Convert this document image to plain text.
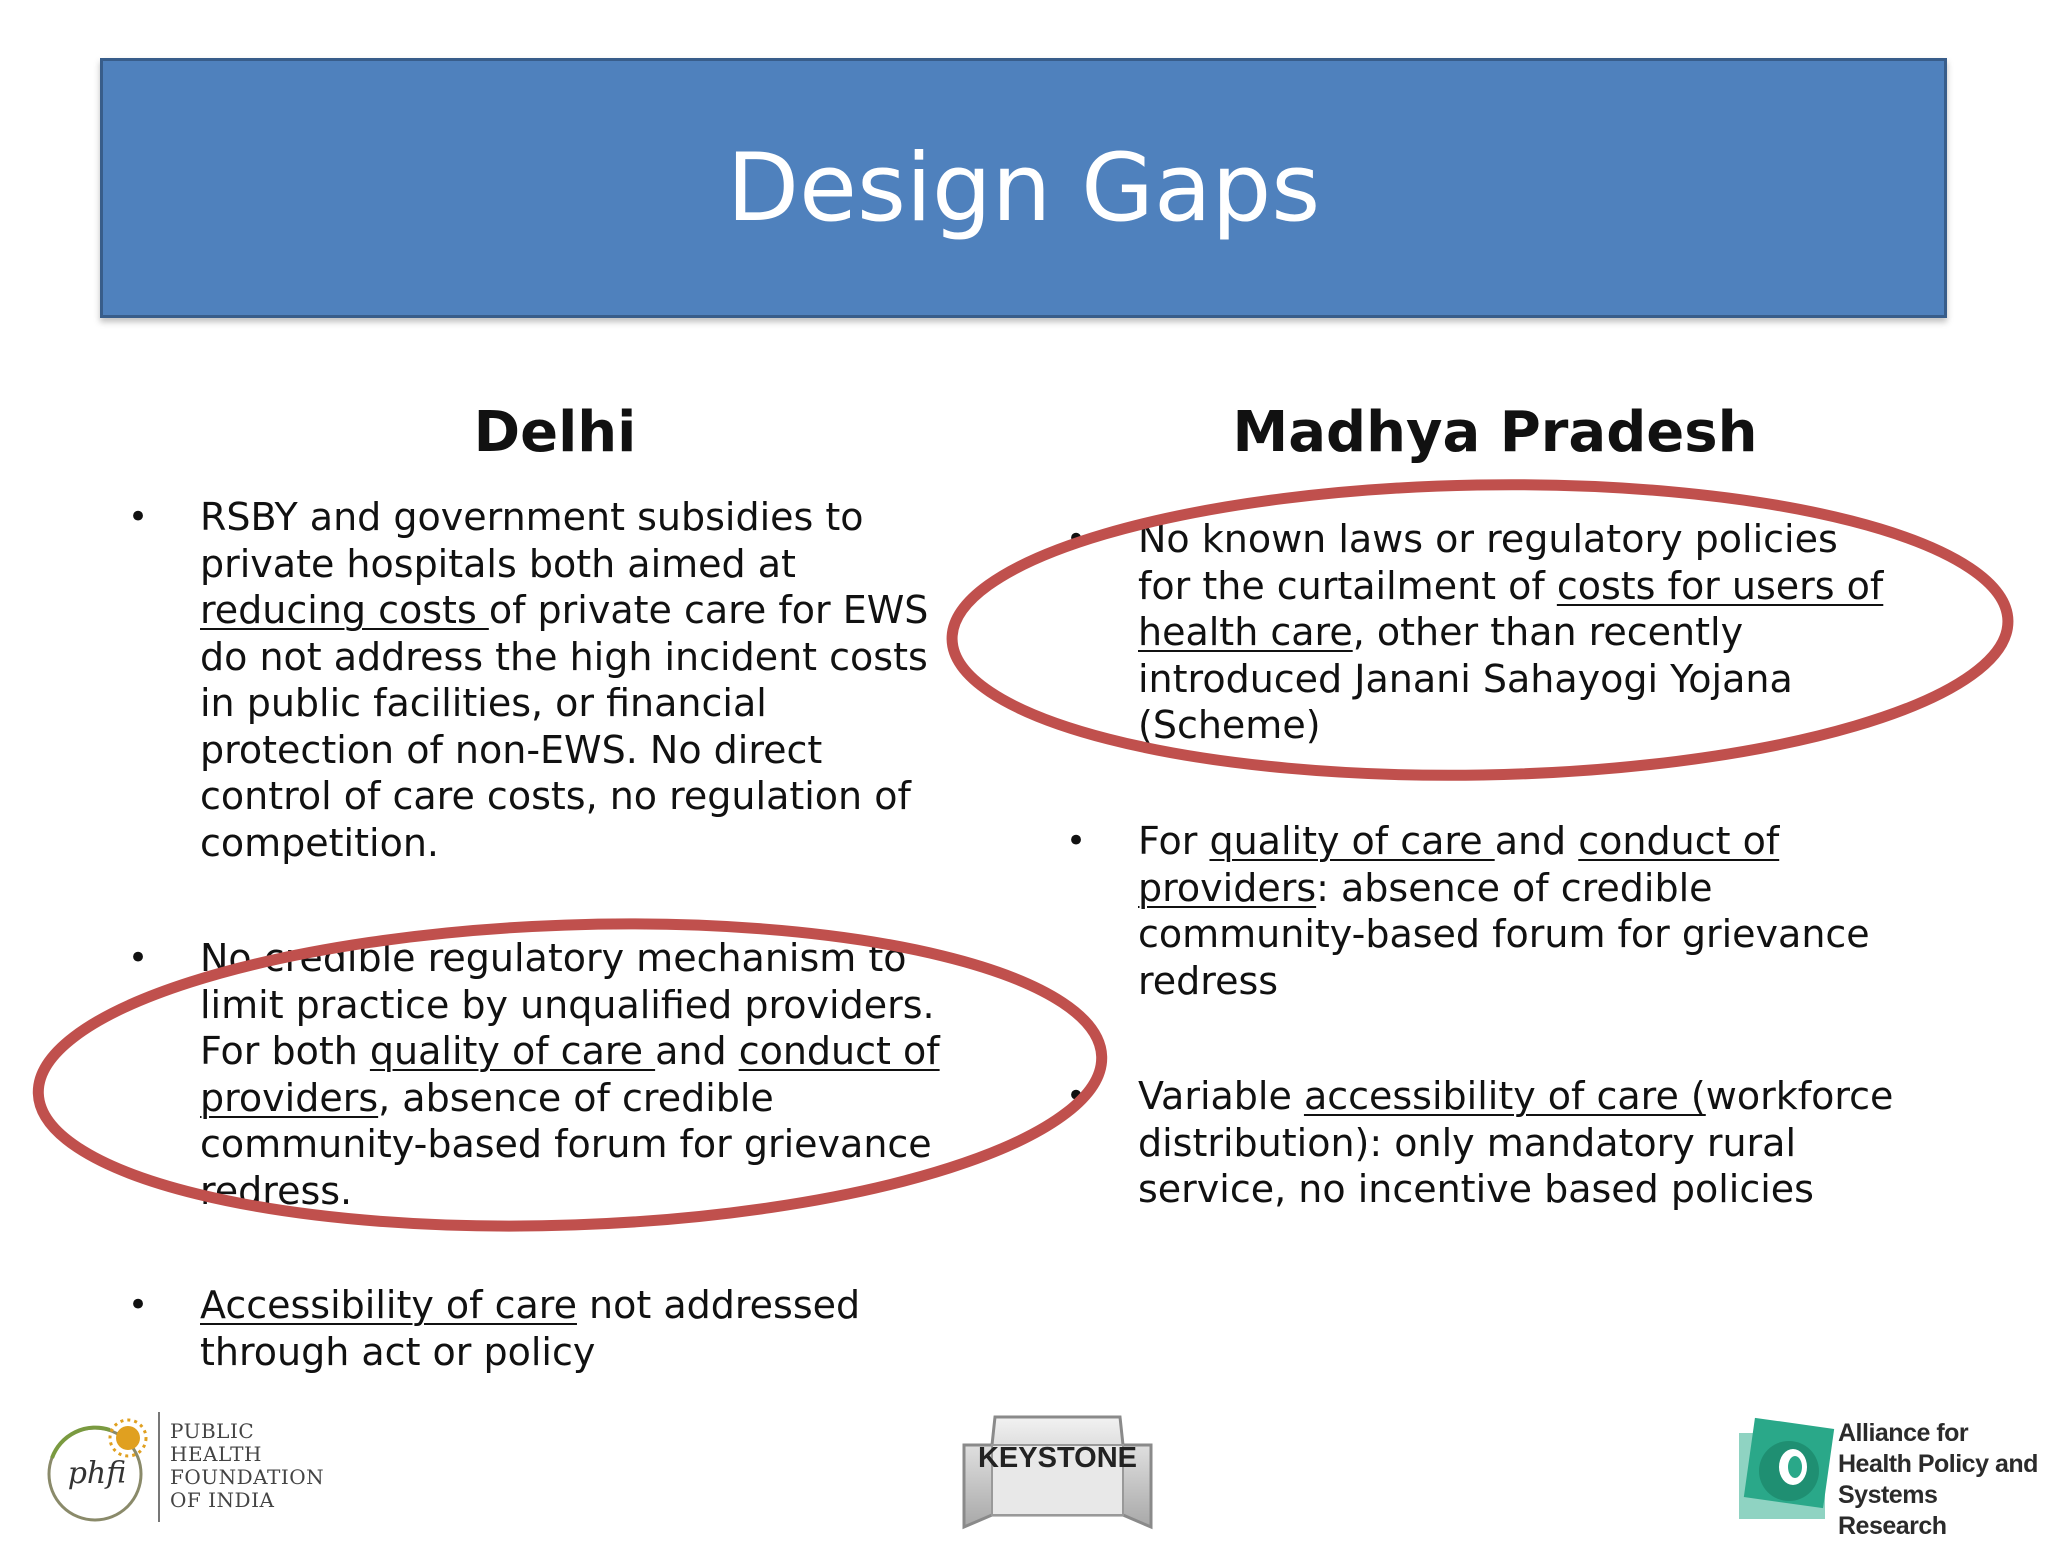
Design Gaps
Delhi	Madhya Pradesh
• RSBY and government subsidies to
private hospitals both aimed at
reducing costs of private care for EWS
do not address the high incident costs
in public facilities, or financial
protection of non-EWS. No direct
control of care costs, no regulation of
competition.
• No credible regulatory mechanism to
limit practice by unqualified providers.
For both quality of care and conduct of
providers, absence of credible
community-based forum for grievance
redress.
• Accessibility of care not addressed
through act or policy
• No known laws or regulatory policies
for the curtailment of costs for users of
health care, other than recently
introduced Janani Sahayogi Yojana
(Scheme)
• For quality of care and conduct of
providers: absence of credible
community-based forum for grievance
redress
• Variable accessibility of care (workforce
distribution): only mandatory rural
service, no incentive based policies
phfi
PUBLIC
HEALTH
FOUNDATION
OF INDIA
KEYSTONE
Alliance for
Health Policy and
Systems Research
